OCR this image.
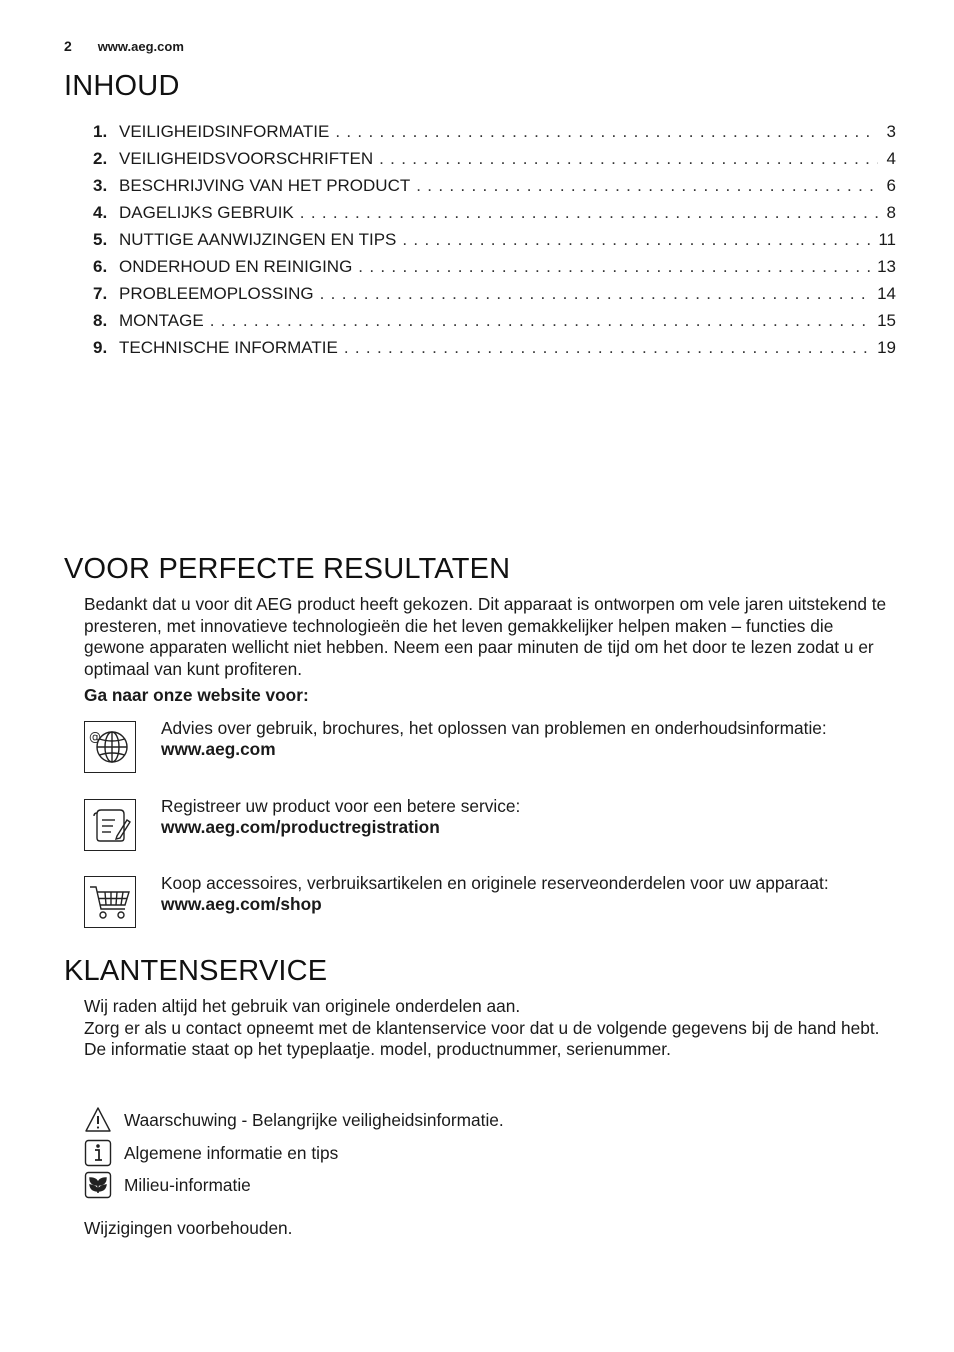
2 www.aeg.com
INHOUD
1. VEILIGHEIDSINFORMATIE . . .	3
2. VEILIGHEIDSVOORSCHRIFTEN . . .	4
3. BESCHRIJVING VAN HET PRODUCT . . .	6
4. DAGELIJKS GEBRUIK . . .	8
5. NUTTIGE AANWIJZINGEN EN TIPS . . .	11
6. ONDERHOUD EN REINIGING . . .	13
7. PROBLEEMOPLOSSING . . .	14
8. MONTAGE . . .	15
9. TECHNISCHE INFORMATIE . . .	19
VOOR PERFECTE RESULTATEN

Bedankt dat u voor dit AEG product heeft gekozen. Dit apparaat is ontworpen om vele jaren uitstekend te presteren, met innovatieve technologieën die het leven gemakkelijker helpen maken – functies die gewone apparaten wellicht niet hebben. Neem een paar minuten de tijd om het door te lezen zodat u er optimaal van kunt profiteren.

Ga naar onze website voor:

@	Advies over gebruik, brochures, het oplossen van problemen en onderhoudsinformatie:
www.aeg.com
Registreer uw product voor een betere service:
www.aeg.com/productregistration
Koop accessoires, verbruiksartikelen en originele reserveonderdelen voor uw apparaat:
www.aeg.com/shop
KLANTENSERVICE
Wij raden altijd het gebruik van originele onderdelen aan.
Zorg er als u contact opneemt met de klantenservice voor dat u de volgende gegevens bij de hand hebt.
De informatie staat op het typeplaatje. model, productnummer, serienummer.
Waarschuwing - Belangrijke veiligheidsinformatie.
Algemene informatie en tips
Milieu-informatie

Wijzigingen voorbehouden.
